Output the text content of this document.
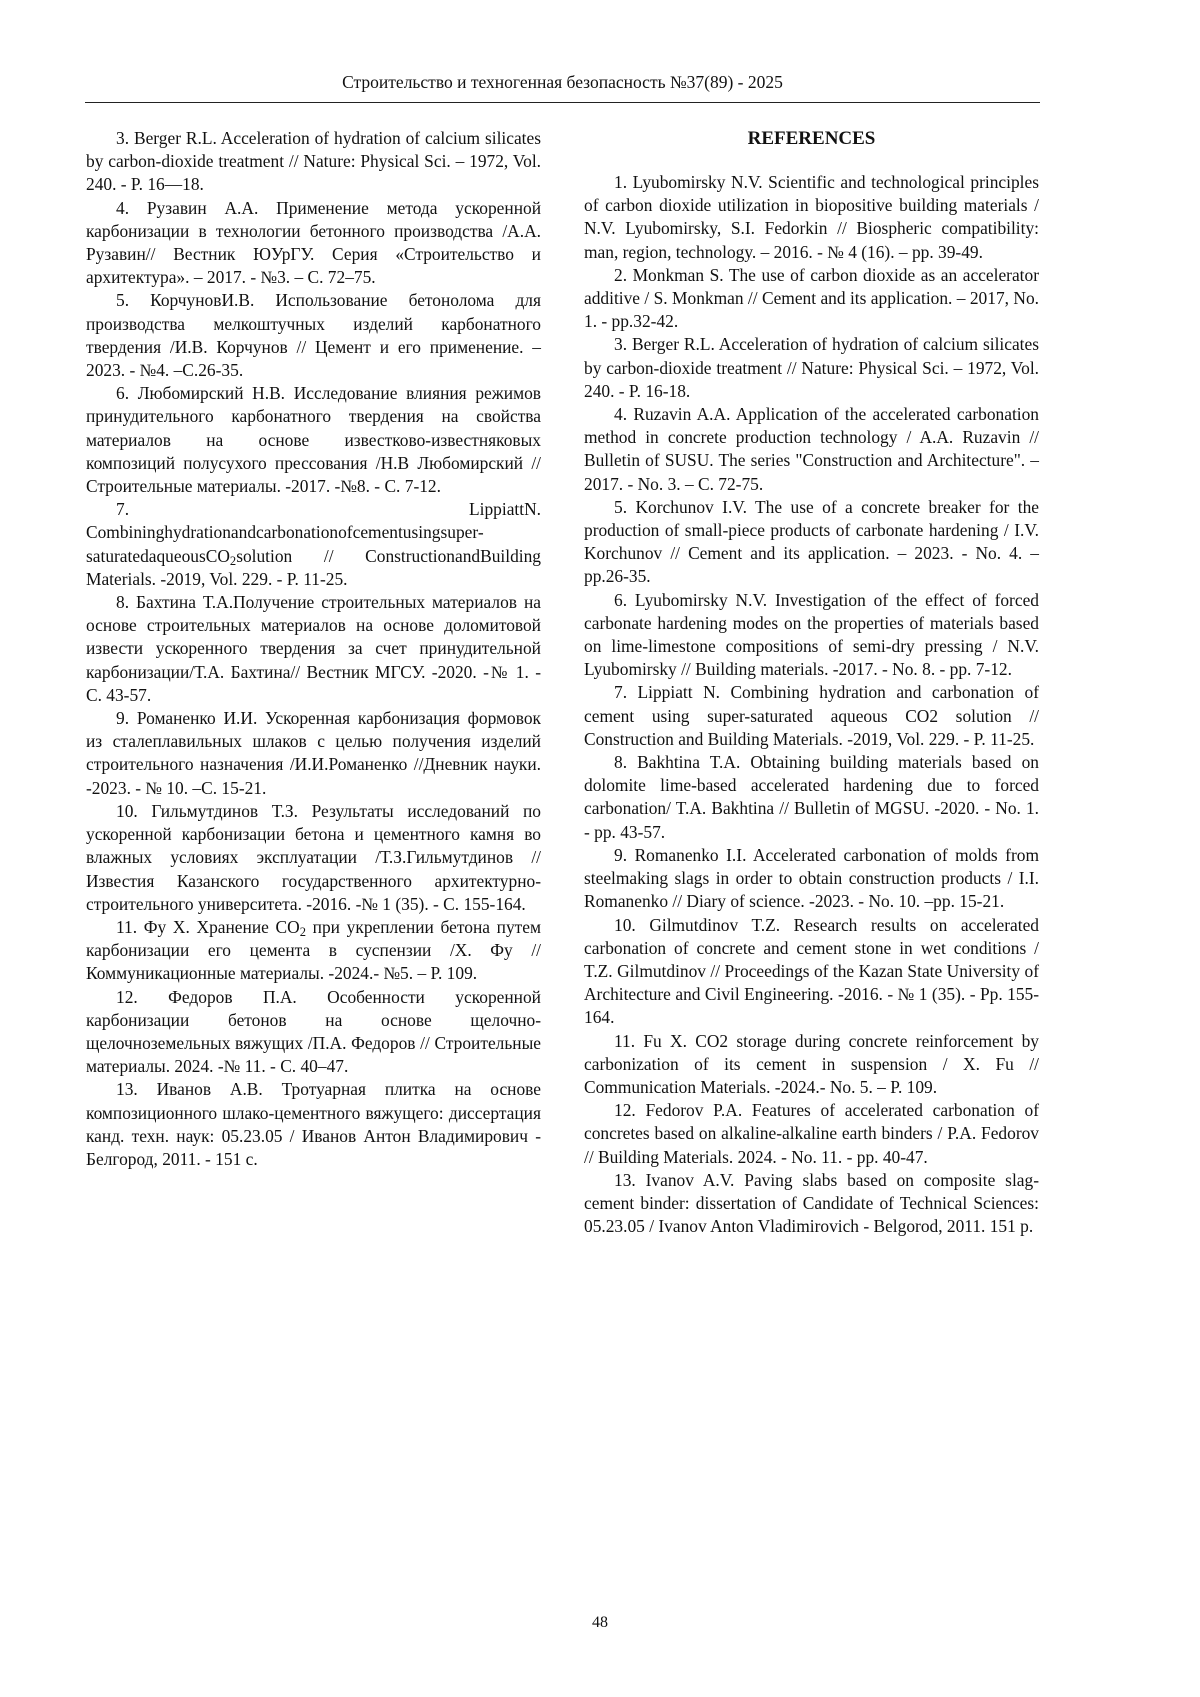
Строительство и техногенная безопасность №37(89) - 2025

3. Berger R.L. Acceleration of hydration of calcium silicates by carbon-dioxide treatment // Nature: Physical Sci. – 1972, Vol. 240. - P. 16—18.

4. Рузавин А.А. Применение метода ускоренной карбонизации в технологии бетонного производства /А.А. Рузавин// Вестник ЮУрГУ. Серия «Строительство и архитектура». – 2017. - №3. – С. 72–75.

5. КорчуновИ.В. Использование бетонолома для производства мелкоштучных изделий карбонатного твердения /И.В. Корчунов // Цемент и его применение. – 2023. - №4. –С.26-35.

6. Любомирский Н.В. Исследование влияния режимов принудительного карбонатного твердения на свойства материалов на основе известково-известняковых композиций полусухого прессования /Н.В Любомирский //Строительные материалы. -2017. -№8. - С. 7-12.

7.	LippiattN. Combininghydrationandcarbonationofcementusingsuper-saturatedaqueousCO$_2$solution // ConstructionandBuilding Materials. -2019, Vol. 229. - P. 11-25.

8. Бахтина Т.А.Получение строительных материалов на основе строительных материалов на основе доломитовой извести ускоренного твердения за счет принудительной карбонизации/Т.А. Бахтина// Вестник МГСУ. -2020. -№ 1. - С. 43-57.

9. Романенко И.И. Ускоренная карбонизация формовок из сталеплавильных шлаков с целью получения изделий строительного назначения /И.И.Романенко //Дневник науки. -2023. - № 10. –С. 15-21.

10. Гильмутдинов Т.З. Результаты исследований по ускоренной карбонизации бетона и цементного камня во влажных условиях эксплуатации /Т.З.Гильмутдинов //Известия Казанского государственного архитектурно-строительного университета. -2016. -№ 1 (35). - С. 155-164.

11. Фу Х. Хранение $СО_2$ при укреплении бетона путем карбонизации его цемента в суспензии /Х. Фу // Коммуникационные материалы. -2024.- №5. – Р. 109.

12. Федоров П.А. Особенности ускоренной карбонизации бетонов на основе щелочно-щелочноземельных вяжущих /П.А. Федоров // Строительные материалы. 2024. -№ 11. - С. 40–47.

13. Иванов А.В. Тротуарная плитка на основе композиционного шлако-цементного вяжущего: диссертация канд. техн. наук: 05.23.05 / Иванов Антон Владимирович - Белгород, 2011. - 151 с.

REFERENCES

1. Lyubomirsky N.V. Scientific and technological principles of carbon dioxide utilization in biopositive building materials / N.V. Lyubomirsky, S.I. Fedorkin // Biospheric compatibility: man, region, technology. – 2016. - № 4 (16). – pp. 39-49.

2. Monkman S. The use of carbon dioxide as an accelerator additive / S. Monkman // Cement and its application. – 2017, No. 1. - pp.32-42.

3. Berger R.L. Acceleration of hydration of calcium silicates by carbon-dioxide treatment // Nature: Physical Sci. – 1972, Vol. 240. - P. 16-18.

4. Ruzavin A.A. Application of the accelerated carbonation method in concrete production technology / A.A. Ruzavin // Bulletin of SUSU. The series "Construction and Architecture". – 2017. - No. 3. – C. 72-75.

5. Korchunov I.V. The use of a concrete breaker for the production of small-piece products of carbonate hardening / I.V. Korchunov // Cement and its application. – 2023. - No. 4. –pp.26-35.

6. Lyubomirsky N.V. Investigation of the effect of forced carbonate hardening modes on the properties of materials based on lime-limestone compositions of semi-dry pressing / N.V. Lyubomirsky // Building materials. -2017. - No. 8. - pp. 7-12.

7. Lippiatt N. Combining hydration and carbonation of cement using super-saturated aqueous CO2 solution // Construction and Building Materials. -2019, Vol. 229. - P. 11-25.

8. Bakhtina T.A. Obtaining building materials based on dolomite lime-based accelerated hardening due to forced carbonation/ T.A. Bakhtina // Bulletin of MGSU. -2020. - No. 1. - pp. 43-57.

9. Romanenko I.I. Accelerated carbonation of molds from steelmaking slags in order to obtain construction products / I.I. Romanenko // Diary of science. -2023. - No. 10. –pp. 15-21.

10. Gilmutdinov T.Z. Research results on accelerated carbonation of concrete and cement stone in wet conditions / T.Z. Gilmutdinov // Proceedings of the Kazan State University of Architecture and Civil Engineering. -2016. - № 1 (35). - Pp. 155-164.

11. Fu X. CO2 storage during concrete reinforcement by carbonization of its cement in suspension / X. Fu // Communication Materials. -2024.- No. 5. – P. 109.

12. Fedorov P.A. Features of accelerated carbonation of concretes based on alkaline-alkaline earth binders / P.A. Fedorov // Building Materials. 2024. - No. 11. - pp. 40-47.

13. Ivanov A.V. Paving slabs based on composite slag-cement binder: dissertation of Candidate of Technical Sciences: 05.23.05 / Ivanov Anton Vladimirovich - Belgorod, 2011. 151 p.

48
